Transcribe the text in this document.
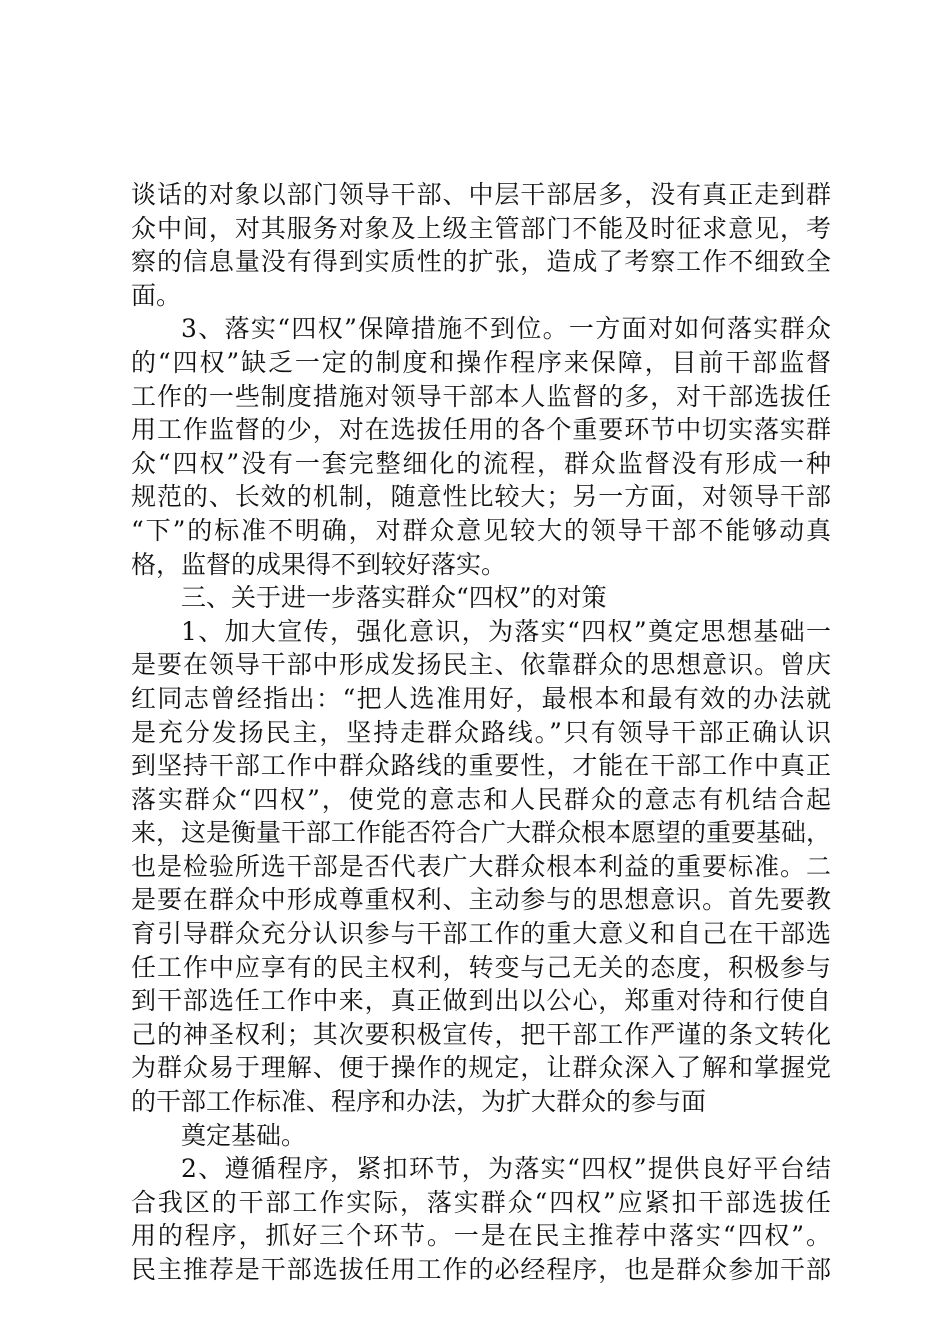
谈话的对象以部门领导干部、中层干部居多，没有真正走到群
众中间，对其服务对象及上级主管部门不能及时征求意见，考
察的信息量没有得到实质性的扩张，造成了考察工作不细致全
面。
3、落实“四权”保障措施不到位。一方面对如何落实群众
的“四权”缺乏一定的制度和操作程序来保障，目前干部监督
工作的一些制度措施对领导干部本人监督的多，对干部选拔任
用工作监督的少，对在选拔任用的各个重要环节中切实落实群
众“四权”没有一套完整细化的流程，群众监督没有形成一种
规范的、长效的机制，随意性比较大；另一方面，对领导干部
“下”的标准不明确，对群众意见较大的领导干部不能够动真
格，监督的成果得不到较好落实。
三、关于进一步落实群众“四权”的对策
1、加大宣传，强化意识，为落实“四权”奠定思想基础一
是要在领导干部中形成发扬民主、依靠群众的思想意识。曾庆
红同志曾经指出：“把人选准用好，最根本和最有效的办法就
是充分发扬民主，坚持走群众路线。”只有领导干部正确认识
到坚持干部工作中群众路线的重要性，才能在干部工作中真正
落实群众“四权”，使党的意志和人民群众的意志有机结合起
来，这是衡量干部工作能否符合广大群众根本愿望的重要基础，
也是检验所选干部是否代表广大群众根本利益的重要标准。二
是要在群众中形成尊重权利、主动参与的思想意识。首先要教
育引导群众充分认识参与干部工作的重大意义和自己在干部选
任工作中应享有的民主权利，转变与己无关的态度，积极参与
到干部选任工作中来，真正做到出以公心，郑重对待和行使自
己的神圣权利；其次要积极宣传，把干部工作严谨的条文转化
为群众易于理解、便于操作的规定，让群众深入了解和掌握党
的干部工作标准、程序和办法，为扩大群众的参与面
奠定基础。
2、遵循程序，紧扣环节，为落实“四权”提供良好平台结
合我区的干部工作实际，落实群众“四权”应紧扣干部选拔任
用的程序，抓好三个环节。一是在民主推荐中落实“四权”。
民主推荐是干部选拔任用工作的必经程序，也是群众参加干部
